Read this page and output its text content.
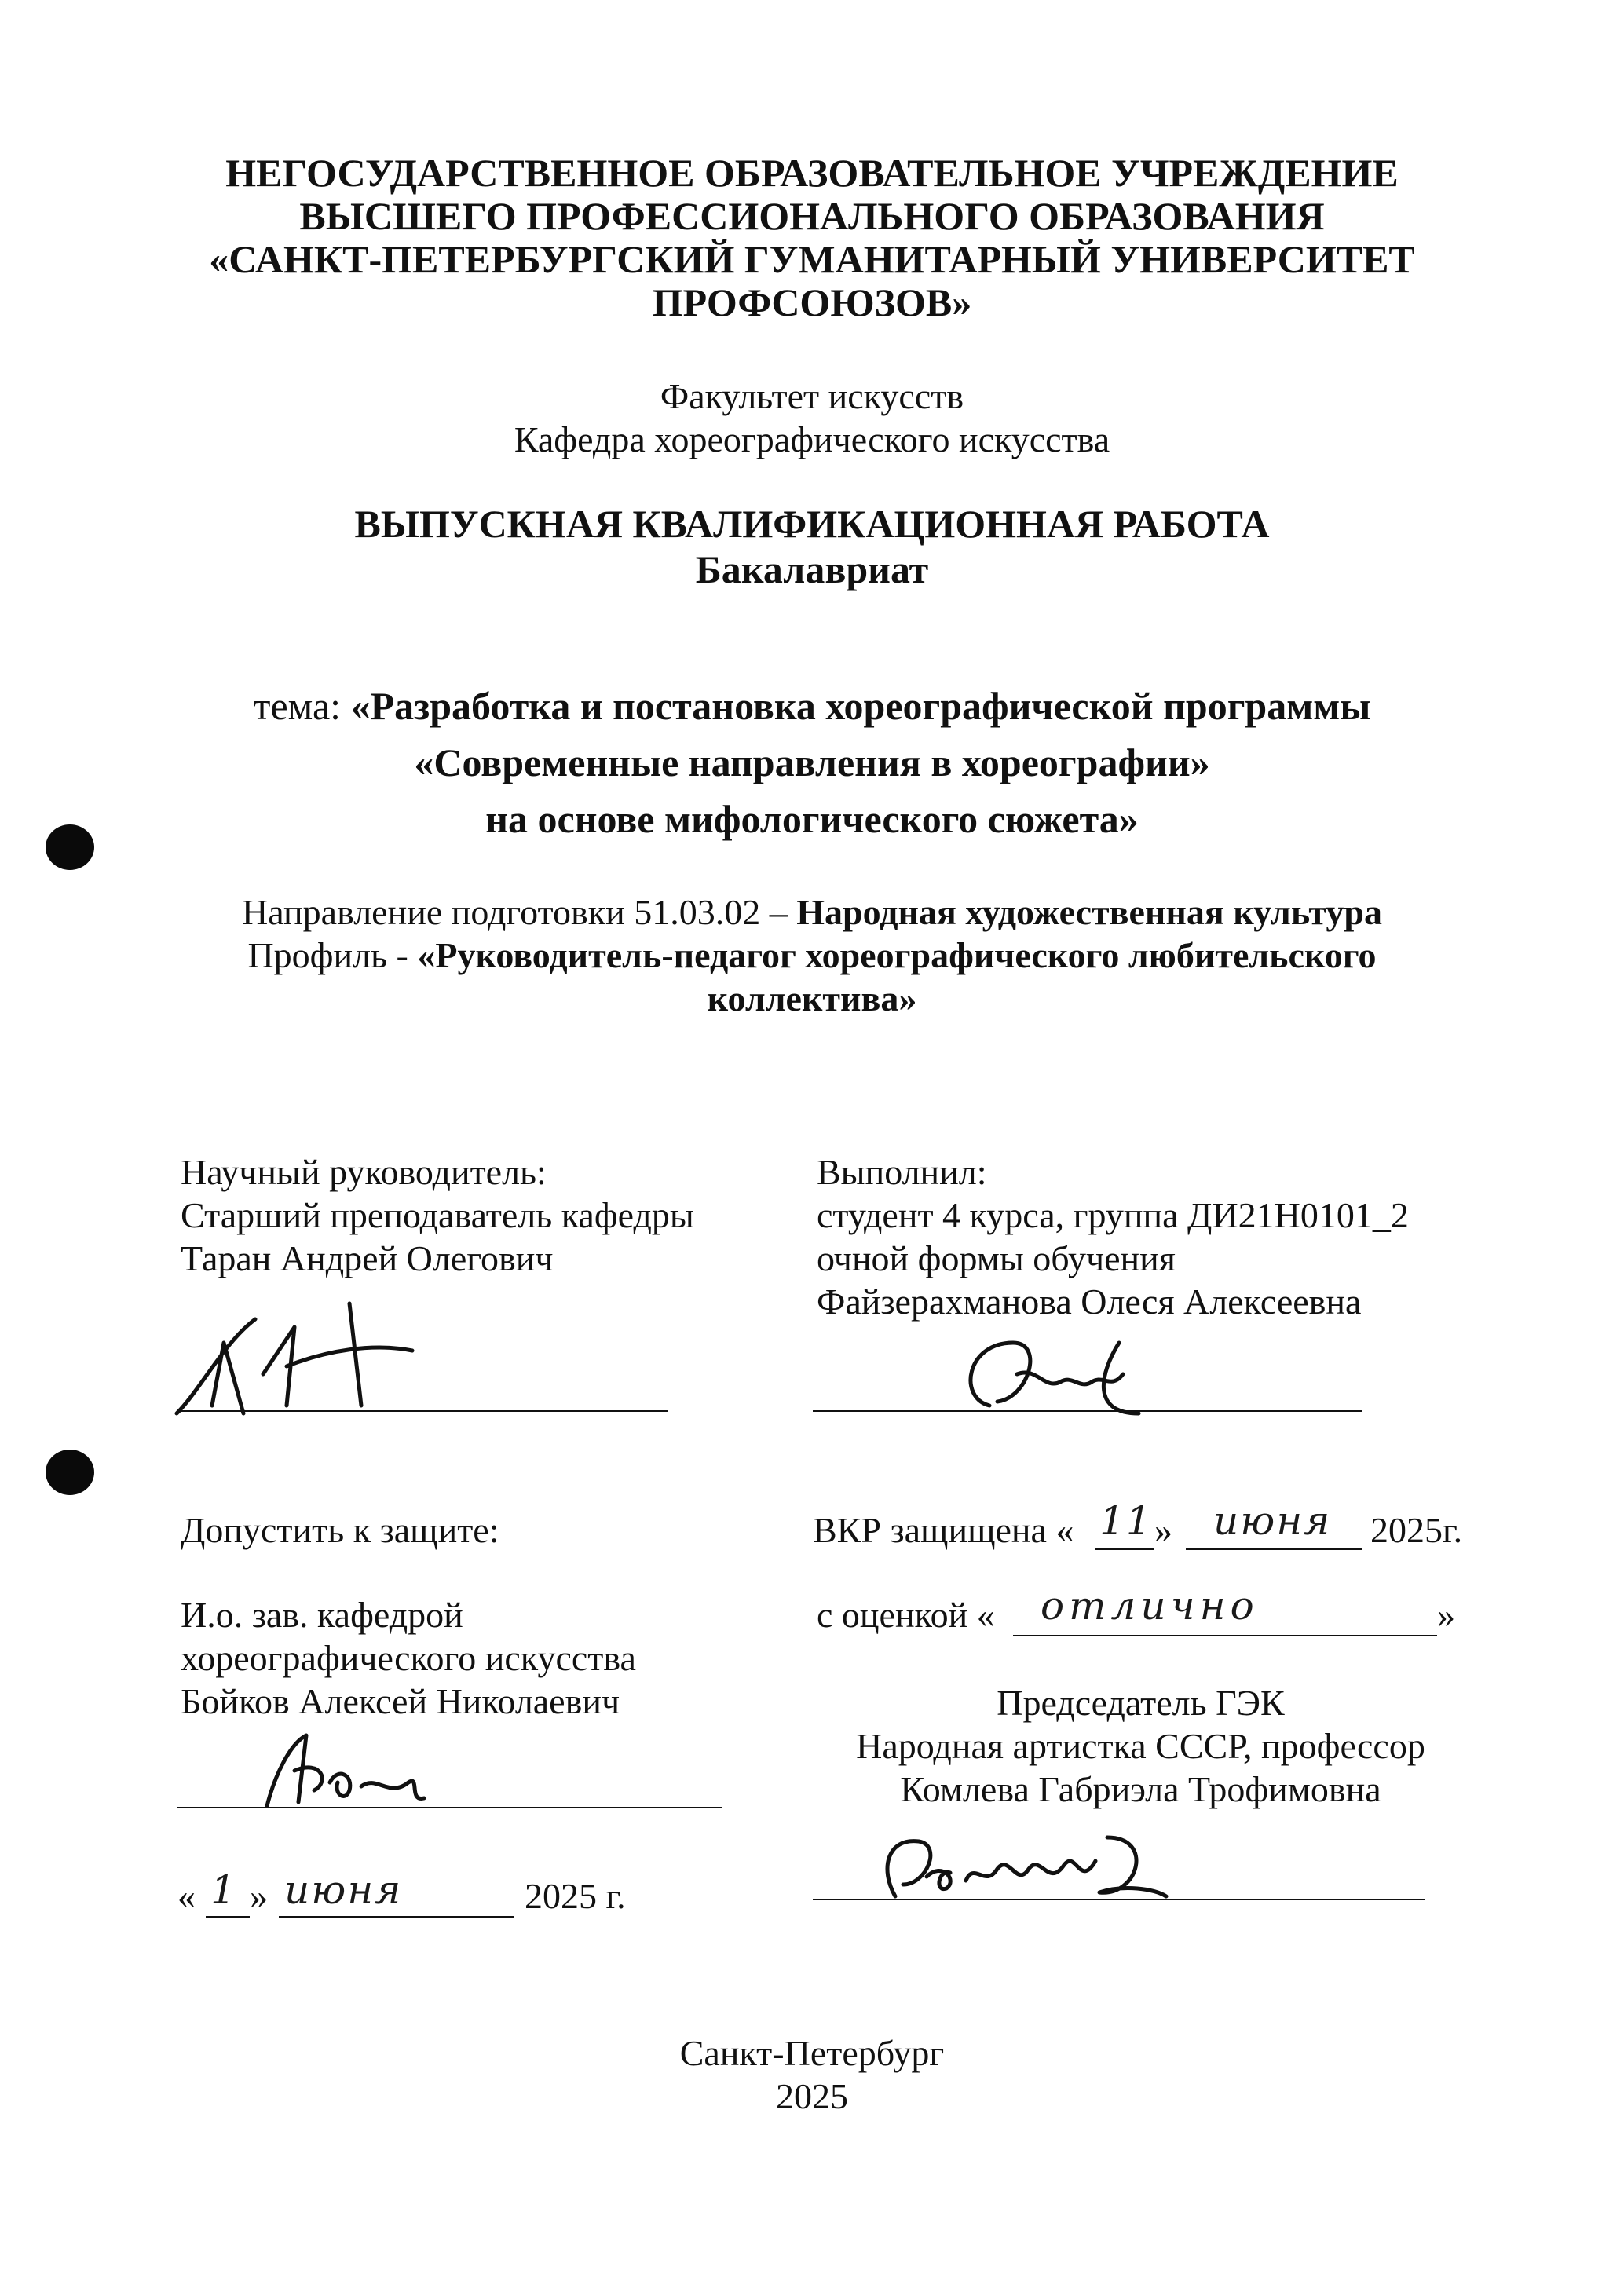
НЕГОСУДАРСТВЕННОЕ ОБРАЗОВАТЕЛЬНОЕ УЧРЕЖДЕНИЕ
ВЫСШЕГО ПРОФЕССИОНАЛЬНОГО ОБРАЗОВАНИЯ
«САНКТ-ПЕТЕРБУРГСКИЙ ГУМАНИТАРНЫЙ УНИВЕРСИТЕТ
ПРОФСОЮЗОВ»
Факультет искусств
Кафедра хореографического искусства
ВЫПУСКНАЯ КВАЛИФИКАЦИОННАЯ РАБОТА
Бакалавриат
тема: «Разработка и постановка хореографической программы
«Современные направления в хореографии»
на основе мифологического сюжета»
Направление подготовки 51.03.02 – Народная художественная культура
Профиль - «Руководитель-педагог хореографического любительского
коллектива»
Научный руководитель:
Старший преподаватель кафедры
Таран Андрей Олегович
Выполнил:
студент 4 курса, группа ДИ21Н0101_2
очной формы обучения
Файзерахманова Олеся Алексеевна
Допустить к защите:
И.о. зав. кафедрой
хореографического искусства
Бойков Алексей Николаевич
« 1 » июня	2025 г.
ВКР защищена « 11 » июня 2025г.
с оценкой « отлично	»
Председатель ГЭК
Народная артистка СССР, профессор
Комлева Габриэла Трофимовна
Санкт-Петербург
2025
